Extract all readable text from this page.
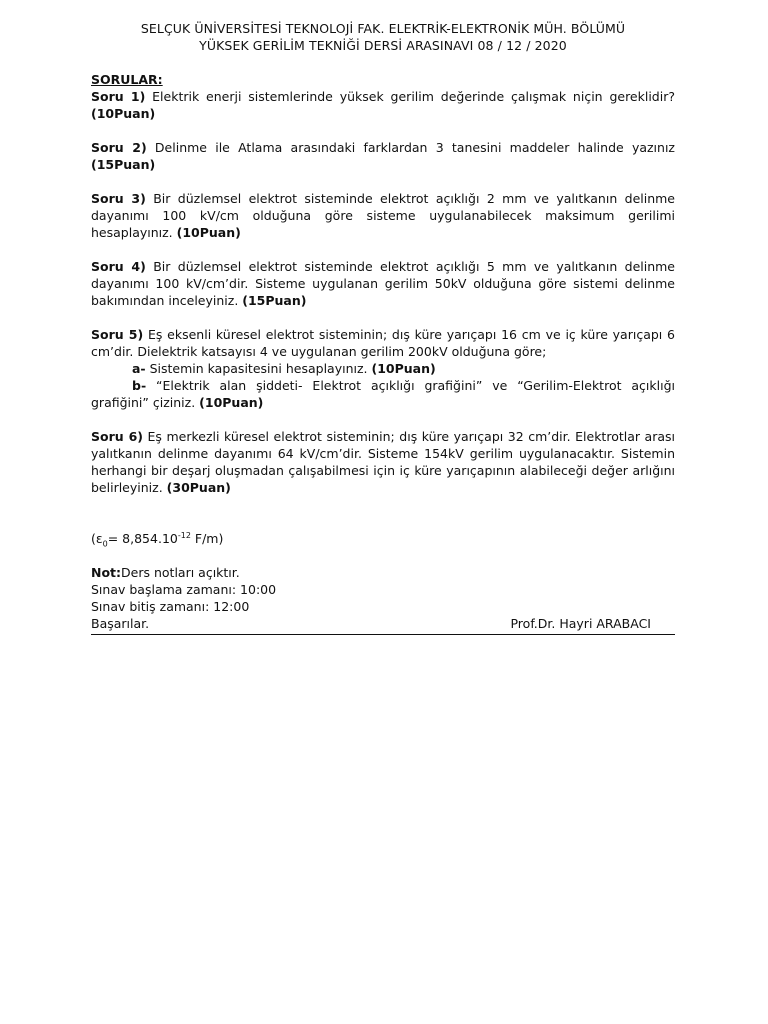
SELÇUK ÜNİVERSİTESİ TEKNOLOJİ FAK. ELEKTRİK-ELEKTRONİK MÜH. BÖLÜMÜ
YÜKSEK GERİLİM TEKNİĞİ DERSİ ARASINAVI 08 / 12 / 2020
SORULAR:

Soru 1) Elektrik enerji sistemlerinde yüksek gerilim değerinde çalışmak niçin gereklidir? (10Puan)

Soru 2) Delinme ile Atlama arasındaki farklardan 3 tanesini maddeler halinde yazınız (15Puan)

Soru 3) Bir düzlemsel elektrot sisteminde elektrot açıklığı 2 mm ve yalıtkanın delinme dayanımı 100 kV/cm olduğuna göre sisteme uygulanabilecek maksimum gerilimi hesaplayınız. (10Puan)

Soru 4) Bir düzlemsel elektrot sisteminde elektrot açıklığı 5 mm ve yalıtkanın delinme dayanımı 100 kV/cm’dir. Sisteme uygulanan gerilim 50kV olduğuna göre sistemi delinme bakımından inceleyiniz. (15Puan)

Soru 5) Eş eksenli küresel elektrot sisteminin; dış küre yarıçapı 16 cm ve iç küre yarıçapı 6 cm’dir. Dielektrik katsayısı 4 ve uygulanan gerilim 200kV olduğuna göre;

a- Sistemin kapasitesini hesaplayınız. (10Puan)

b- “Elektrik alan şiddeti- Elektrot açıklığı grafiğini” ve “Gerilim-Elektrot açıklığı grafiğini” çiziniz. (10Puan)

Soru 6) Eş merkezli küresel elektrot sisteminin; dış küre yarıçapı 32 cm’dir. Elektrotlar arası yalıtkanın delinme dayanımı 64 kV/cm’dir. Sisteme 154kV gerilim uygulanacaktır. Sistemin herhangi bir deşarj oluşmadan çalışabilmesi için iç küre yarıçapının alabileceği değer arlığını belirleyiniz. (30Puan)

($\varepsilon_0= 8,854.10^{-12}$ F/m)

Not:Ders notları açıktır.

Sınav başlama zamanı: 10:00

Sınav bitiş zamanı: 12:00

Başarılar.	Prof.Dr. Hayri ARABACI
